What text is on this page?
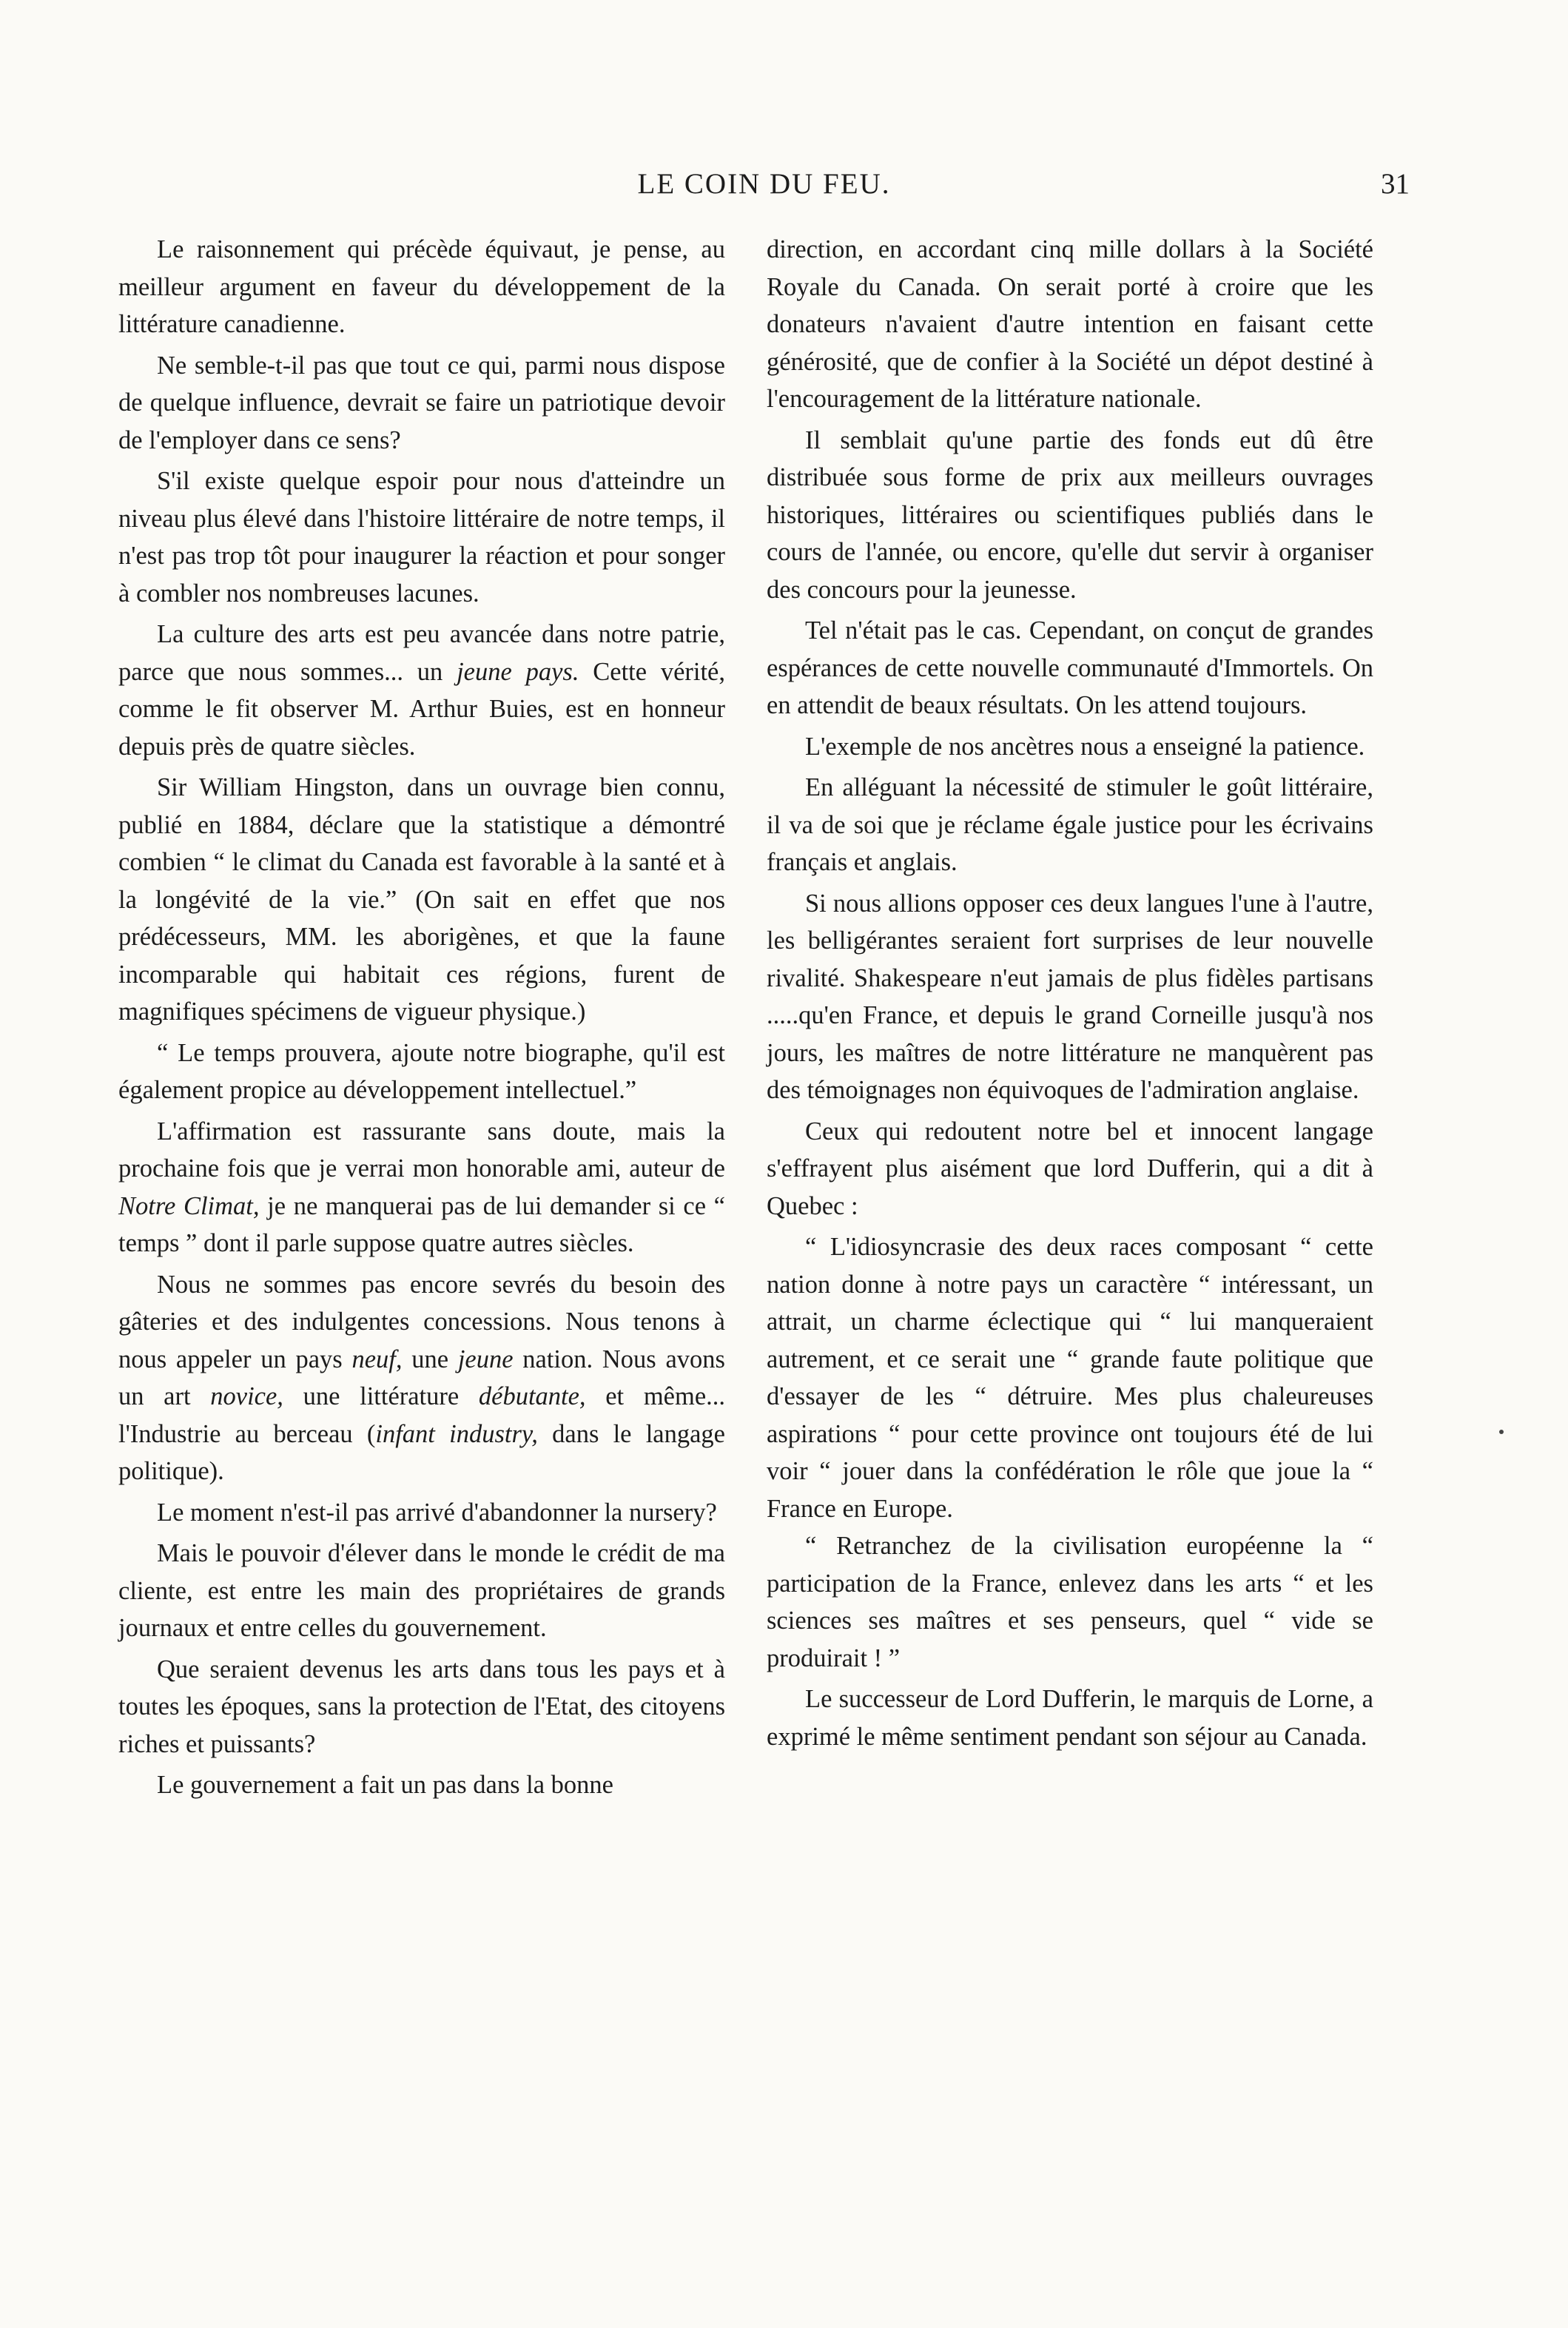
LE COIN DU FEU.	31

Le raisonnement qui précède équivaut, je pense, au meilleur argument en faveur du développement de la littérature canadienne.

Ne semble-t-il pas que tout ce qui, parmi nous dispose de quelque influence, devrait se faire un patriotique devoir de l'employer dans ce sens?

S'il existe quelque espoir pour nous d'atteindre un niveau plus élevé dans l'histoire littéraire de notre temps, il n'est pas trop tôt pour inaugurer la réaction et pour songer à combler nos nombreuses lacunes.

La culture des arts est peu avancée dans notre patrie, parce que nous sommes... un jeune pays. Cette vérité, comme le fit observer M. Arthur Buies, est en honneur depuis près de quatre siècles.

Sir William Hingston, dans un ouvrage bien connu, publié en 1884, déclare que la statistique a démontré combien “ le climat du Canada est favorable à la santé et à la longévité de la vie.” (On sait en effet que nos prédécesseurs, MM. les aborigènes, et que la faune incomparable qui habitait ces régions, furent de magnifiques spécimens de vigueur physique.)

“ Le temps prouvera, ajoute notre biographe, qu'il est également propice au développement intellectuel.”

L'affirmation est rassurante sans doute, mais la prochaine fois que je verrai mon honorable ami, auteur de Notre Climat, je ne manquerai pas de lui demander si ce “ temps ” dont il parle suppose quatre autres siècles.

Nous ne sommes pas encore sevrés du besoin des gâteries et des indulgentes concessions. Nous tenons à nous appeler un pays neuf, une jeune nation. Nous avons un art novice, une littérature débutante, et même... l'Industrie au berceau (infant industry, dans le langage politique).

Le moment n'est-il pas arrivé d'abandonner la nursery?

Mais le pouvoir d'élever dans le monde le crédit de ma cliente, est entre les main des propriétaires de grands journaux et entre celles du gouvernement.

Que seraient devenus les arts dans tous les pays et à toutes les époques, sans la protection de l'Etat, des citoyens riches et puissants?

Le gouvernement a fait un pas dans la bonne

direction, en accordant cinq mille dollars à la Société Royale du Canada. On serait porté à croire que les donateurs n'avaient d'autre intention en faisant cette générosité, que de confier à la Société un dépot destiné à l'encouragement de la littérature nationale.

Il semblait qu'une partie des fonds eut dû être distribuée sous forme de prix aux meilleurs ouvrages historiques, littéraires ou scientifiques publiés dans le cours de l'année, ou encore, qu'elle dut servir à organiser des concours pour la jeunesse.

Tel n'était pas le cas. Cependant, on conçut de grandes espérances de cette nouvelle communauté d'Immortels. On en attendit de beaux résultats. On les attend toujours.

L'exemple de nos ancètres nous a enseigné la patience.

En alléguant la nécessité de stimuler le goût littéraire, il va de soi que je réclame égale justice pour les écrivains français et anglais.

Si nous allions opposer ces deux langues l'une à l'autre, les belligérantes seraient fort surprises de leur nouvelle rivalité. Shakespeare n'eut jamais de plus fidèles partisans .....qu'en France, et depuis le grand Corneille jusqu'à nos jours, les maîtres de notre littérature ne manquèrent pas des témoignages non équivoques de l'admiration anglaise.

Ceux qui redoutent notre bel et innocent langage s'effrayent plus aisément que lord Dufferin, qui a dit à Quebec :

“ L'idiosyncrasie des deux races composant “ cette nation donne à notre pays un caractère “ intéressant, un attrait, un charme éclectique qui “ lui manqueraient autrement, et ce serait une “ grande faute politique que d'essayer de les “ détruire. Mes plus chaleureuses aspirations “ pour cette province ont toujours été de lui voir “ jouer dans la confédération le rôle que joue la “ France en Europe.

“ Retranchez de la civilisation européenne la “ participation de la France, enlevez dans les arts “ et les sciences ses maîtres et ses penseurs, quel “ vide se produirait ! ”

Le successeur de Lord Dufferin, le marquis de Lorne, a exprimé le même sentiment pendant son séjour au Canada.
